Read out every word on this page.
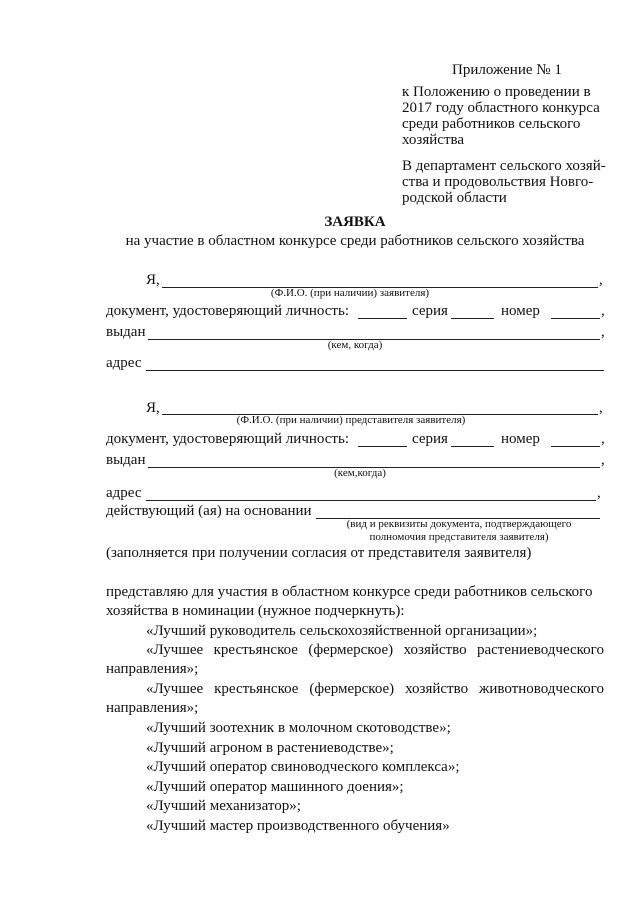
Приложение № 1
к Положению о проведении в
2017 году областного конкурса
среди работников сельского
хозяйства
В департамент сельского хозяй-
ства и продовольствия Новго-
родской области
ЗАЯВКА
на участие в областном конкурсе среди работников сельского хозяйства
Я,	,
(Ф.И.О. (при наличии) заявителя)
документ, удостоверяющий личность:	серия	номер	,
выдан	,
(кем, когда)
адрес
Я,	,
(Ф.И.О. (при наличии) представителя заявителя)
документ, удостоверяющий личность:	серия	номер	,
выдан	,
(кем,когда)
адрес	,
действующий (ая) на основании
(вид и реквизиты документа, подтверждающего
полномочия представителя заявителя)
(заполняется при получении согласия от представителя заявителя)
представляю для участия в областном конкурсе среди работников сельского
хозяйства в номинации (нужное подчеркнуть):
«Лучший руководитель сельскохозяйственной организации»;
«Лучшее крестьянское (фермерское) хозяйство растениеводческого
направления»;
«Лучшее крестьянское (фермерское) хозяйство животноводческого
направления»;
«Лучший зоотехник в молочном скотоводстве»;
«Лучший агроном в растениеводстве»;
«Лучший оператор свиноводческого комплекса»;
«Лучший оператор машинного доения»;
«Лучший механизатор»;
«Лучший мастер производственного обучения»
